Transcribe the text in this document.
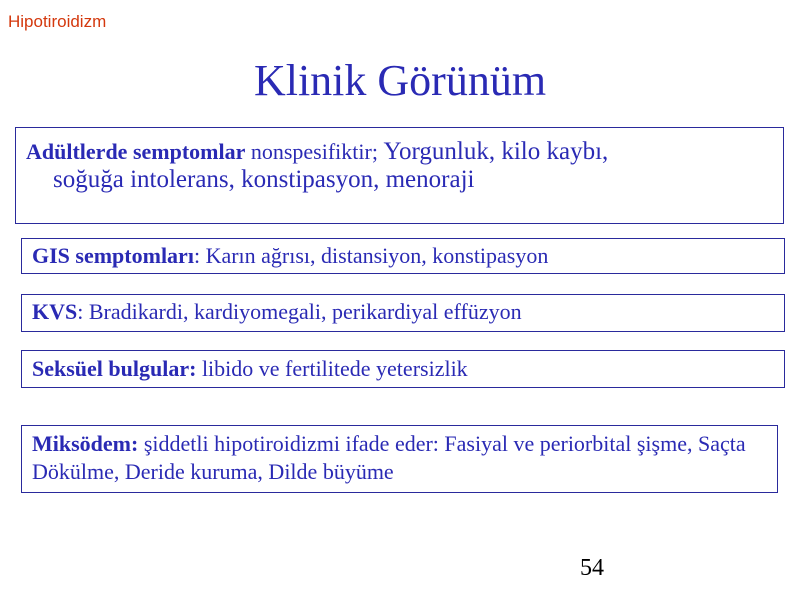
Hipotiroidizm
Klinik Görünüm
Adültlerde semptomlar nonspesifiktir; Yorgunluk, kilo kaybı,
soğuğa intolerans, konstipasyon, menoraji
GIS semptomları: Karın ağrısı, distansiyon, konstipasyon
KVS: Bradikardi, kardiyomegali, perikardiyal effüzyon
Seksüel bulgular: libido ve fertilitede yetersizlik
Miksödem: şiddetli hipotiroidizmi ifade eder: Fasiyal ve periorbital şişme, Saçta Dökülme, Deride kuruma, Dilde büyüme
54
